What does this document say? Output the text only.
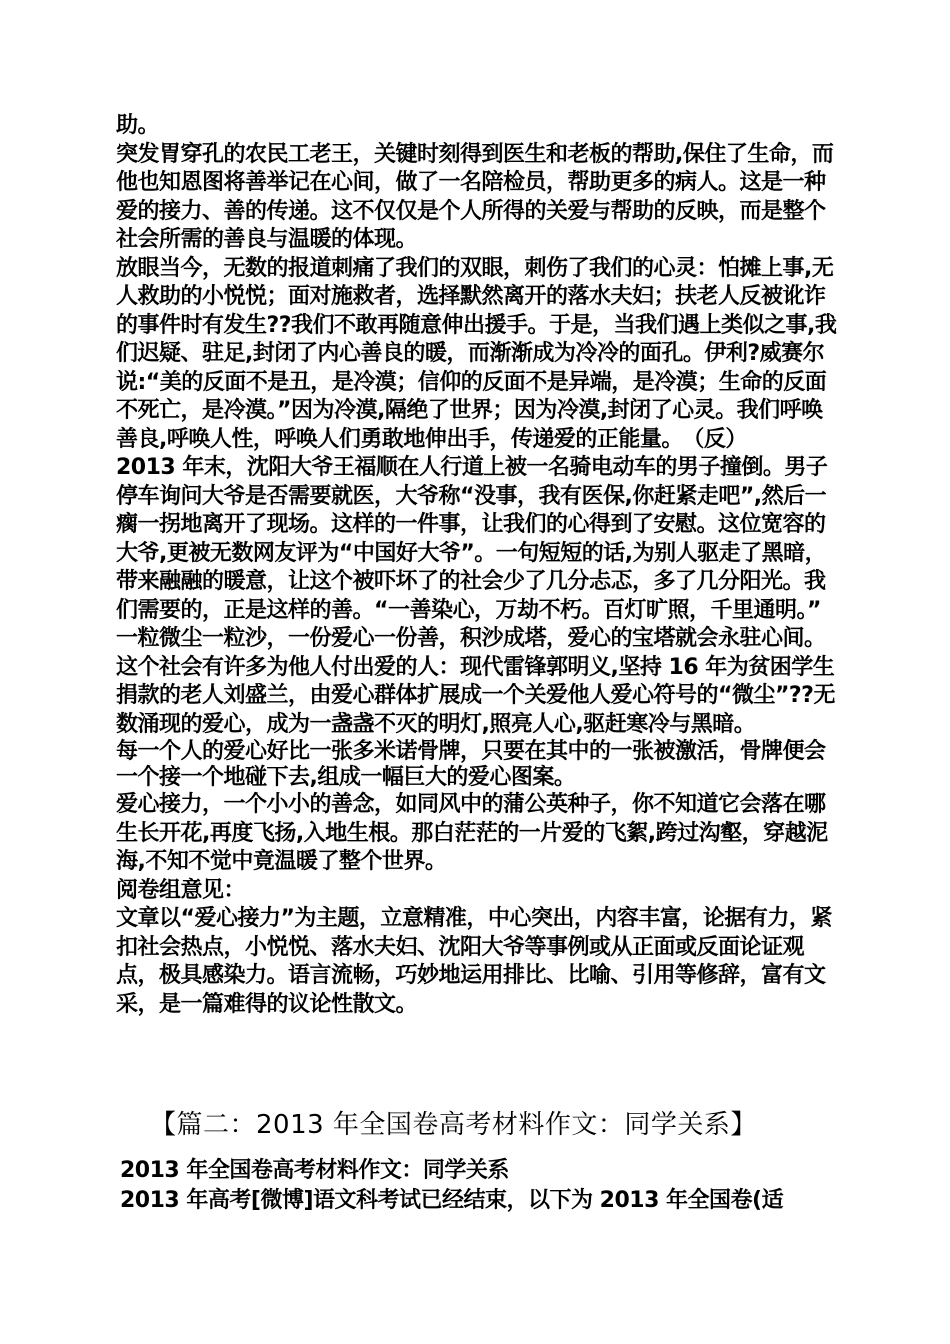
助。

突发胃穿孔的农民工老王，关键时刻得到医生和老板的帮助,保住了生命，而他也知恩图将善举记在心间，做了一名陪检员，帮助更多的病人。这是一种爱的接力、善的传递。这不仅仅是个人所得的关爱与帮助的反映，而是整个社会所需的善良与温暖的体现。

放眼当今，无数的报道刺痛了我们的双眼，刺伤了我们的心灵：怕摊上事,无人救助的小悦悦；面对施救者，选择默然离开的落水夫妇；扶老人反被讹诈的事件时有发生??我们不敢再随意伸出援手。于是，当我们遇上类似之事,我们迟疑、驻足,封闭了内心善良的暖，而渐渐成为冷冷的面孔。伊利?威赛尔说:“美的反面不是丑，是冷漠；信仰的反面不是异端，是冷漠；生命的反面不死亡，是冷漠。”因为冷漠,隔绝了世界；因为冷漠,封闭了心灵。我们呼唤善良,呼唤人性，呼唤人们勇敢地伸出手，传递爱的正能量。　（反）

2013 年末，沈阳大爷王福顺在人行道上被一名骑电动车的男子撞倒。男子停车询问大爷是否需要就医，大爷称“没事，我有医保,你赶紧走吧”,然后一瘸一拐地离开了现场。这样的一件事，让我们的心得到了安慰。这位宽容的大爷,更被无数网友评为“中国好大爷”。一句短短的话,为别人驱走了黑暗，带来融融的暖意，让这个被吓坏了的社会少了几分忐忑，多了几分阳光。我们需要的，正是这样的善。“一善染心，万劫不朽。百灯旷照，千里通明。”

一粒微尘一粒沙，一份爱心一份善，积沙成塔，爱心的宝塔就会永驻心间。

这个社会有许多为他人付出爱的人：现代雷锋郭明义,坚持 16 年为贫困学生捐款的老人刘盛兰，由爱心群体扩展成一个关爱他人爱心符号的“微尘”??无数涌现的爱心，成为一盏盏不灭的明灯,照亮人心,驱赶寒冷与黑暗。

每一个人的爱心好比一张多米诺骨牌，只要在其中的一张被激活，骨牌便会一个接一个地碰下去,组成一幅巨大的爱心图案。

爱心接力，一个小小的善念，如同风中的蒲公英种子，你不知道它会落在哪生长开花,再度飞扬,入地生根。那白茫茫的一片爱的飞絮,跨过沟壑，穿越泥海,不知不觉中竟温暖了整个世界。

阅卷组意见：

文章以“爱心接力”为主题，立意精准，中心突出，内容丰富，论据有力，紧扣社会热点，小悦悦、落水夫妇、沈阳大爷等事例或从正面或反面论证观点，极具感染力。语言流畅，巧妙地运用排比、比喻、引用等修辞，富有文采，是一篇难得的议论性散文。

【篇二：2013 年全国卷高考材料作文：同学关系】

2013 年全国卷高考材料作文：同学关系

2013 年高考[微博]语文科考试已经结束，以下为 2013 年全国卷(适
